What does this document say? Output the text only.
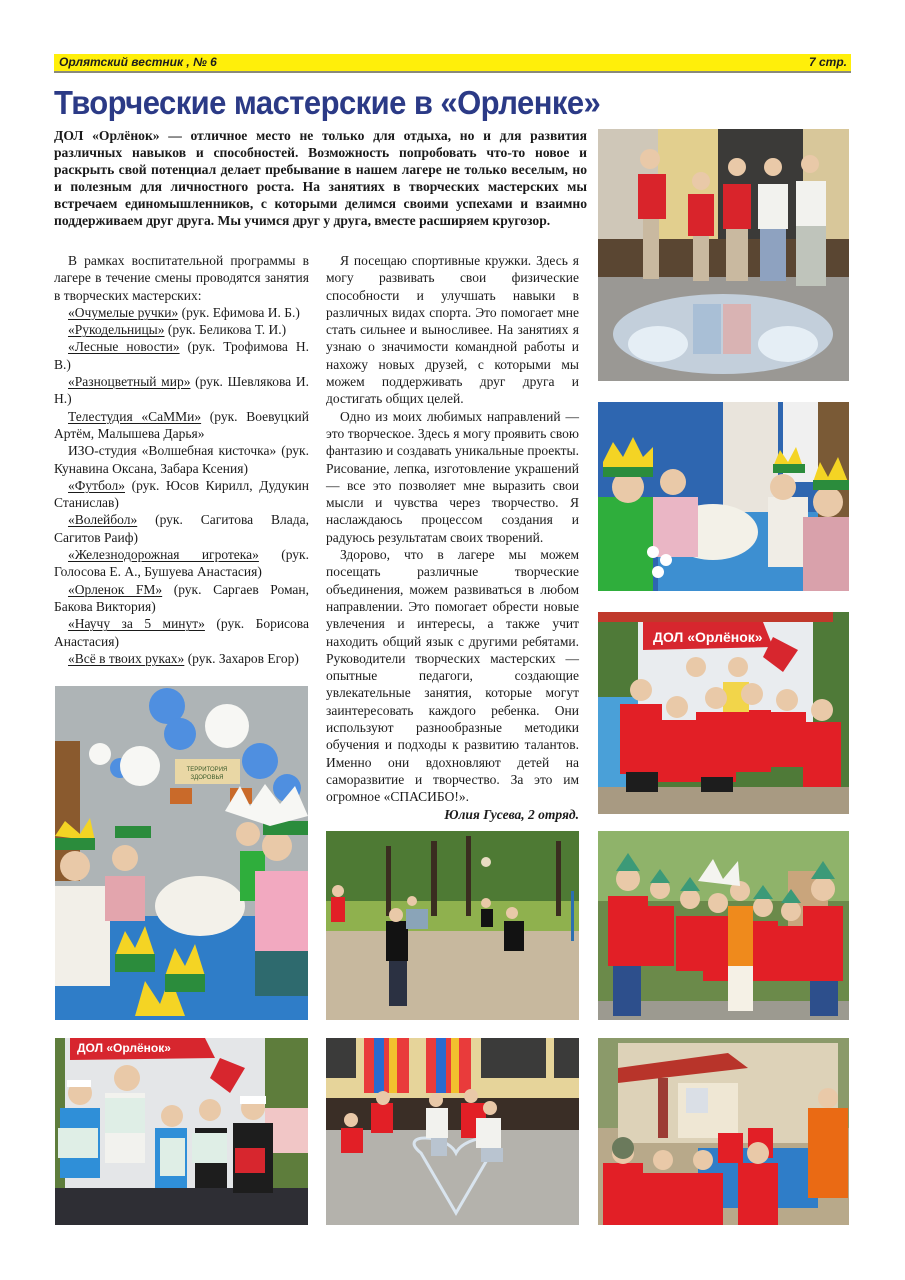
Орлятский вестник , № 6	7 стр.
Творческие мастерские в «Орленке»
ДОЛ «Орлёнок» — отличное место не только для отдыха, но и для развития различных навыков и способностей. Возможность попробовать что-то новое и раскрыть свой потенциал делает пребывание в нашем лагере не только веселым, но и полезным для личностного роста. На занятиях в творческих мастерских мы встречаем единомышленников, с которыми делимся своими успехами и взаимно поддерживаем друг друга. Мы учимся друг у друга, вместе расширяем кругозор.

В рамках воспитательной программы в лагере в течение смены проводятся занятия в творческих мастерских:

«Очумелые ручки» (рук. Ефимова И. Б.)

«Рукодельницы» (рук. Беликова Т. И.)

«Лесные новости» (рук. Трофимова Н. В.)

«Разноцветный мир» (рук. Шевлякова И. Н.)

Телестудия «СаММи» (рук. Воевуцкий Артём, Малышева Дарья»

ИЗО-студия «Волшебная кисточка» (рук. Кунавина Оксана, Забара Ксения)

«Футбол» (рук. Юсов Кирилл, Дудукин Станислав)

«Волейбол» (рук. Сагитова Влада, Сагитов Раиф)

«Железнодорожная игротека» (рук. Голосова Е. А., Бушуева Анастасия)

«Орленок FM» (рук. Саргаев Роман, Бакова Виктория)

«Научу за 5 минут» (рук. Борисова Анастасия)

«Всё в твоих руках» (рук. Захаров Егор)

Я посещаю спортивные кружки. Здесь я могу развивать свои физические способности и улучшать навыки в различных видах спорта. Это помогает мне стать сильнее и выносливее. На занятиях я узнаю о значимости командной работы и нахожу новых друзей, с которыми мы можем поддерживать друг друга и достигать общих целей.

Одно из моих любимых направлений — это творческое. Здесь я могу проявить свою фантазию и создавать уникальные проекты. Рисование, лепка, изготовление украшений — все это позволяет мне выразить свои мысли и чувства через творчество. Я наслаждаюсь процессом создания и радуюсь результатам своих творений.

Здорово, что в лагере мы можем посещать различные творческие объединения, можем развиваться в любом направлении. Это помогает обрести новые увлечения и интересы, а также учит находить общий язык с другими ребятами. Руководители творческих мастерских — опытные педагоги, создающие увлекательные занятия, которые могут заинтересовать каждого ребенка. Они используют разнообразные методики обучения и подходы к развитию талантов. Именно они вдохновляют детей на саморазвитие и творчество. За это им огромное «СПАСИБО!».

Юлия Гусева, 2 отряд.

ДОЛ «Орлёнок»
ТЕРРИТОРИЯ
ЗДОРОВЬЯ
ДОЛ «Орлёнок»
